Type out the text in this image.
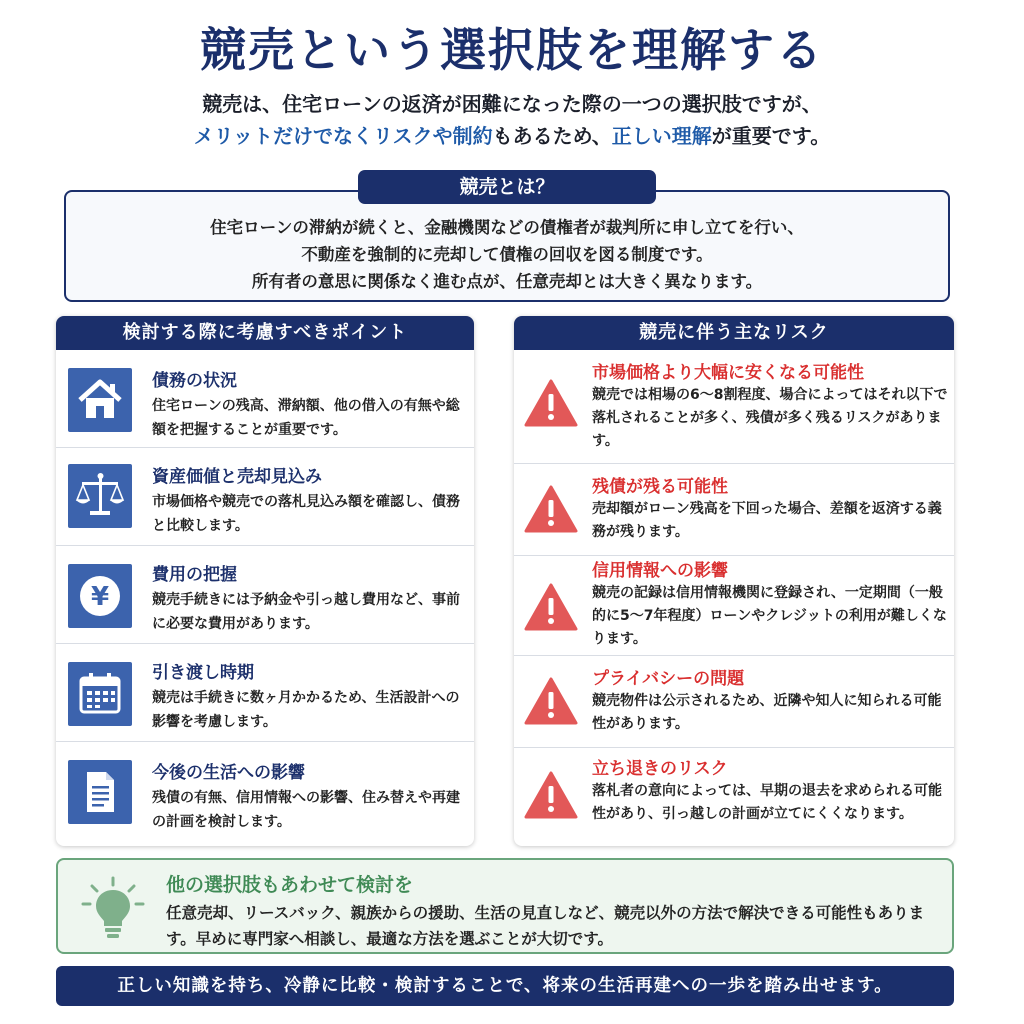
競売という選択肢を理解する
競売は、住宅ローンの返済が困難になった際の一つの選択肢ですが、
メリットだけでなくリスクや制約もあるため、正しい理解が重要です。
競売とは？
住宅ローンの滞納が続くと、金融機関などの債権者が裁判所に申し立てを行い、
不動産を強制的に売却して債権の回収を図る制度です。
所有者の意思に関係なく進む点が、任意売却とは大きく異なります。
検討する際に考慮すべきポイント
債務の状況
住宅ローンの残高、滞納額、他の借入の有無や総額を把握することが重要です。
資産価値と売却見込み
市場価格や競売での落札見込み額を確認し、債務と比較します。
¥
費用の把握
競売手続きには予納金や引っ越し費用など、事前に必要な費用があります。
引き渡し時期
競売は手続きに数ヶ月かかるため、生活設計への影響を考慮します。
今後の生活への影響
残債の有無、信用情報への影響、住み替えや再建の計画を検討します。
競売に伴う主なリスク
市場価格より大幅に安くなる可能性
競売では相場の6〜8割程度、場合によってはそれ以下で落札されることが多く、残債が多く残るリスクがあります。
残債が残る可能性
売却額がローン残高を下回った場合、差額を返済する義務が残ります。
信用情報への影響
競売の記録は信用情報機関に登録され、一定期間（一般的に5〜7年程度）ローンやクレジットの利用が難しくなります。
プライバシーの問題
競売物件は公示されるため、近隣や知人に知られる可能性があります。
立ち退きのリスク
落札者の意向によっては、早期の退去を求められる可能性があり、引っ越しの計画が立てにくくなります。
他の選択肢もあわせて検討を
任意売却、リースバック、親族からの援助、生活の見直しなど、競売以外の方法で解決できる可能性もあります。早めに専門家へ相談し、最適な方法を選ぶことが大切です。
正しい知識を持ち、冷静に比較・検討することで、将来の生活再建への一歩を踏み出せます。
